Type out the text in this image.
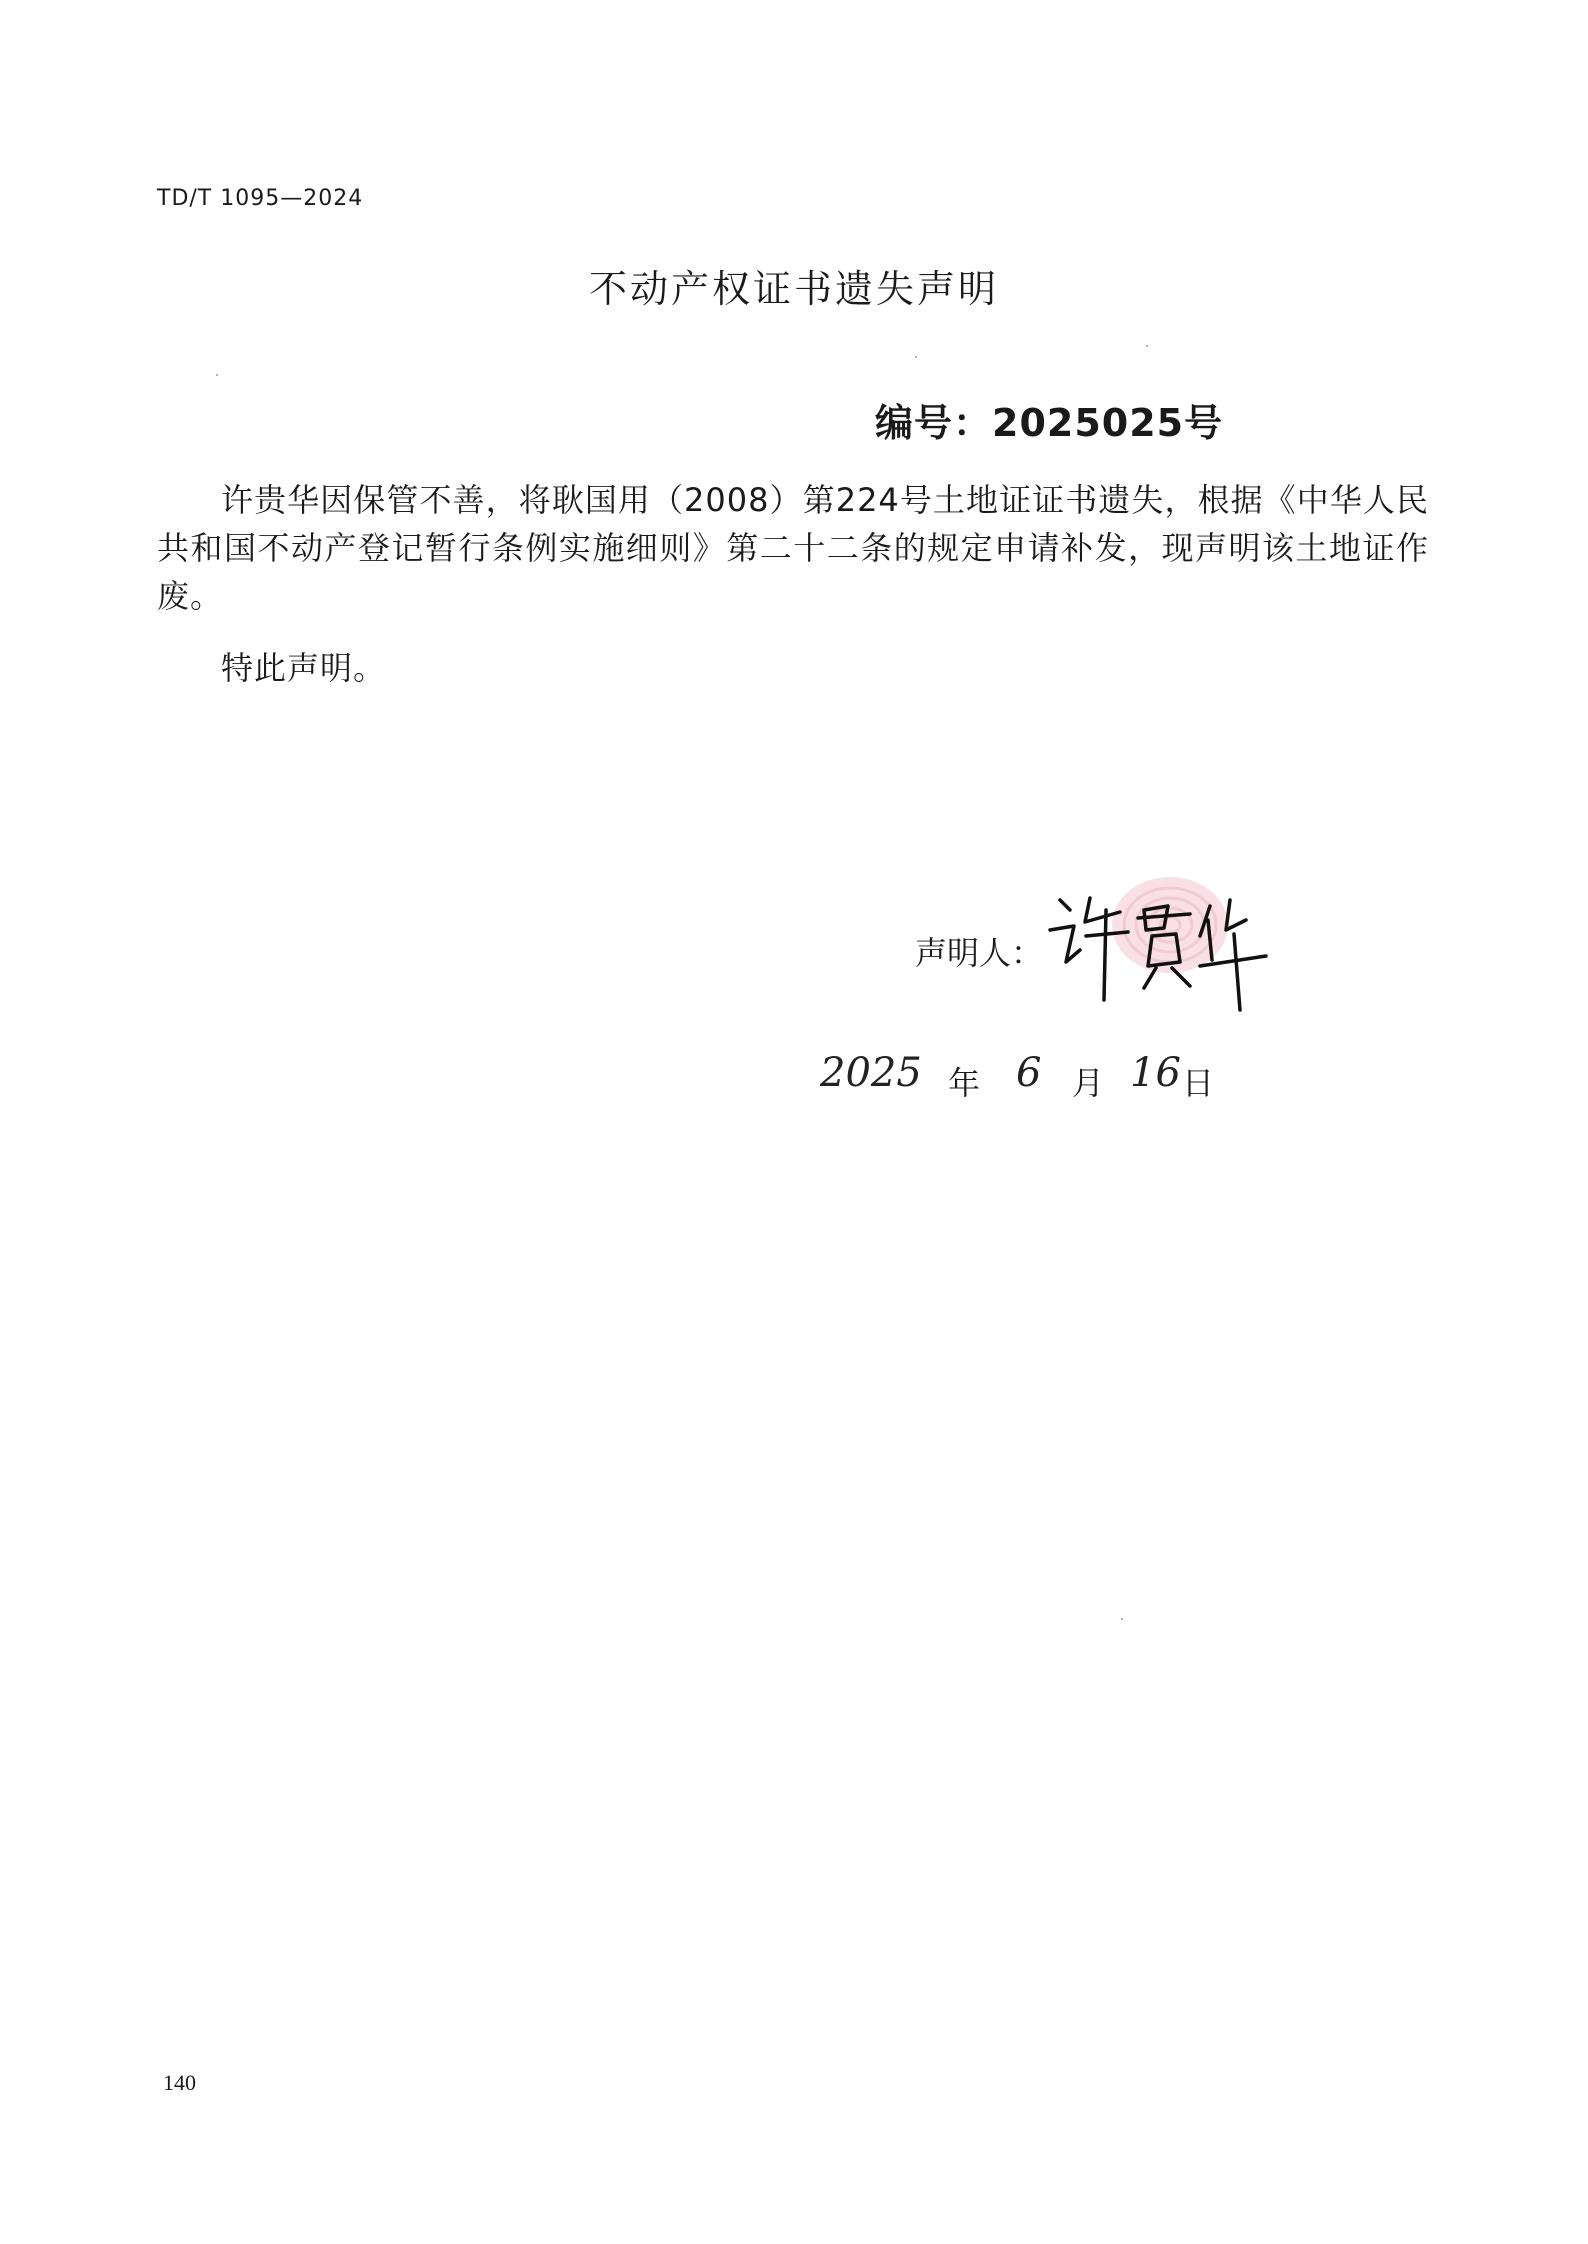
TD/T 1095—2024
不动产权证书遗失声明
编号：2025025号

许贵华因保管不善，将耿国用（2008）第224号土地证证书遗失，根据《中华人民共和国不动产登记暂行条例实施细则》第二十二条的规定申请补发，现声明该土地证作废。

特此声明。

声明人：
2025 年 6 月 16 日
140
